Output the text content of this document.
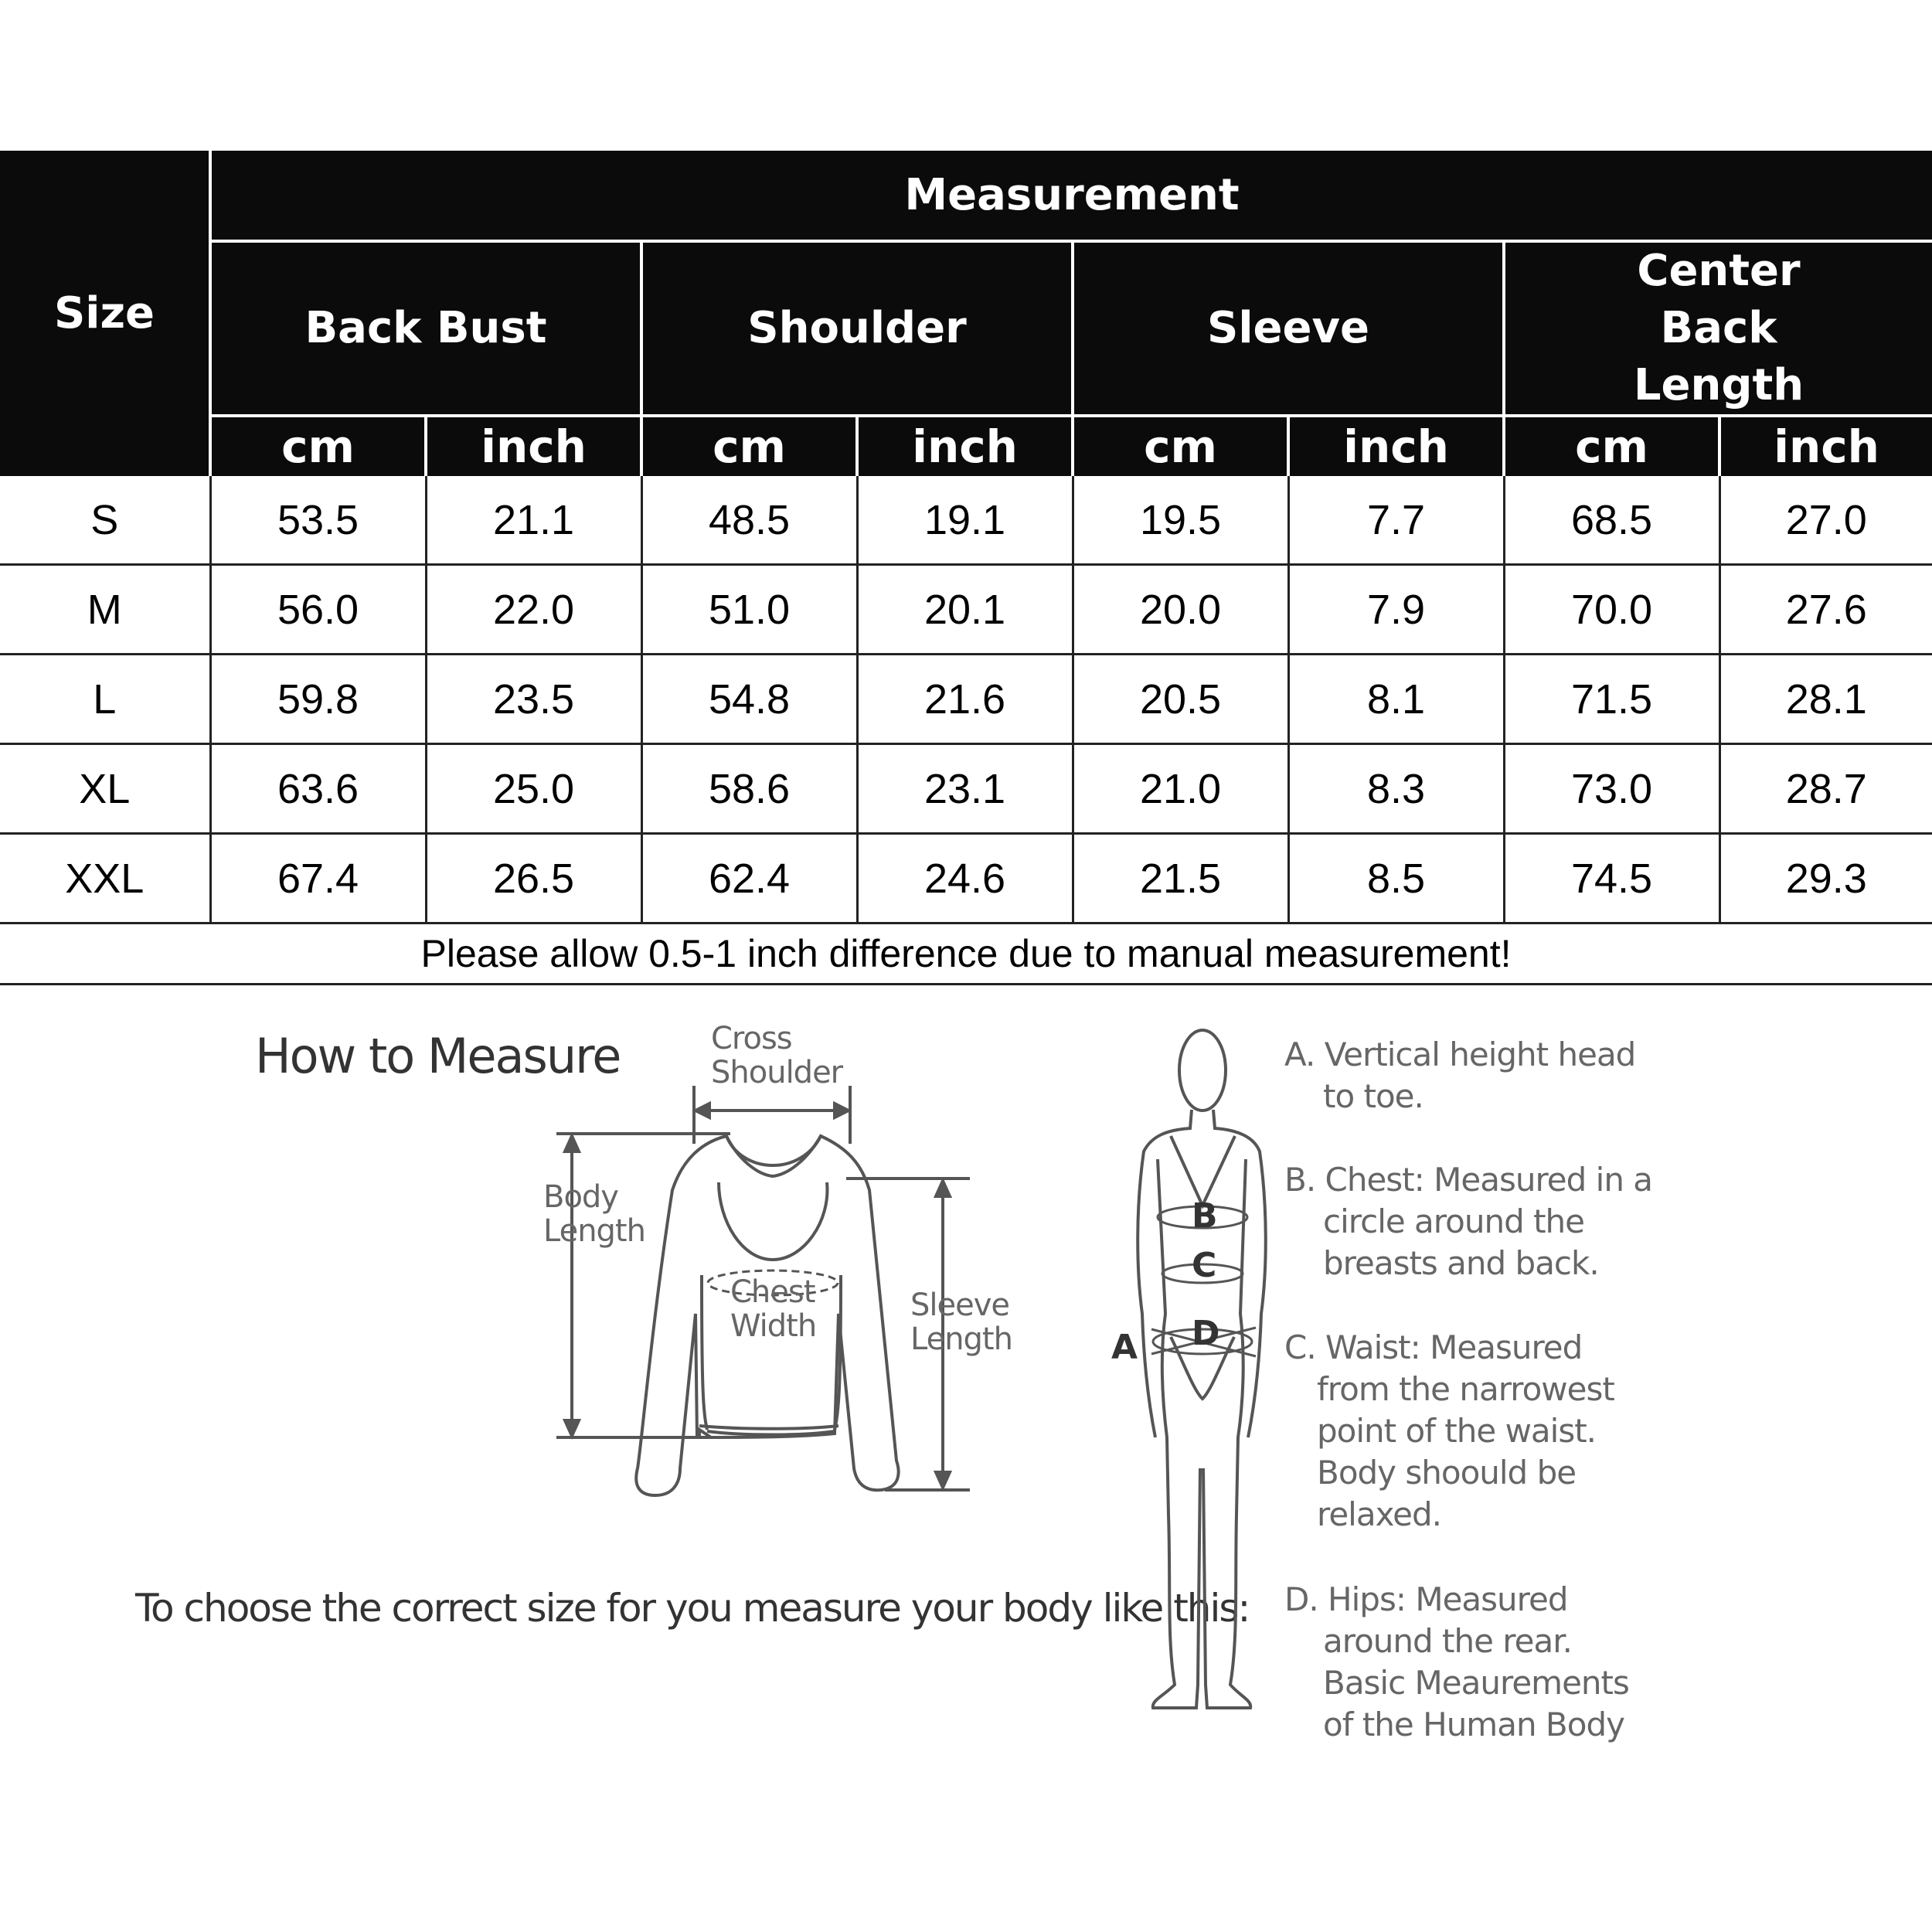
Size	Measurement							
	Back Bust		Shoulder		Sleeve		Center Back Length	

	cm	inch	cm	inch	cm	inch	cm	inch
S	53.5	21.1	48.5	19.1	19.5	7.7	68.5	27.0
M	56.0	22.0	51.0	20.1	20.0	7.9	70.0	27.6
L	59.8	23.5	54.8	21.6	20.5	8.1	71.5	28.1
XL	63.6	25.0	58.6	23.1	21.0	8.3	73.0	28.7
XXL	67.4	26.5	62.4	24.6	21.5	8.5	74.5	29.3
Please allow 0.5-1 inch difference due to manual measurement!								
How to Measure
To choose the correct size for you measure your body like this:
Cross
Shoulder
Body
Length
Chest
Width
Sleeve
Length	A
B
C
D
A. Vertical height head
to toe.
B. Chest: Measured in a
circle around the
breasts and back.
C. Waist: Measured
from the narrowest
point of the waist.
Body shoould be
relaxed.
D. Hips: Measured
around the rear.
Basic Meaurements
of the Human Body
